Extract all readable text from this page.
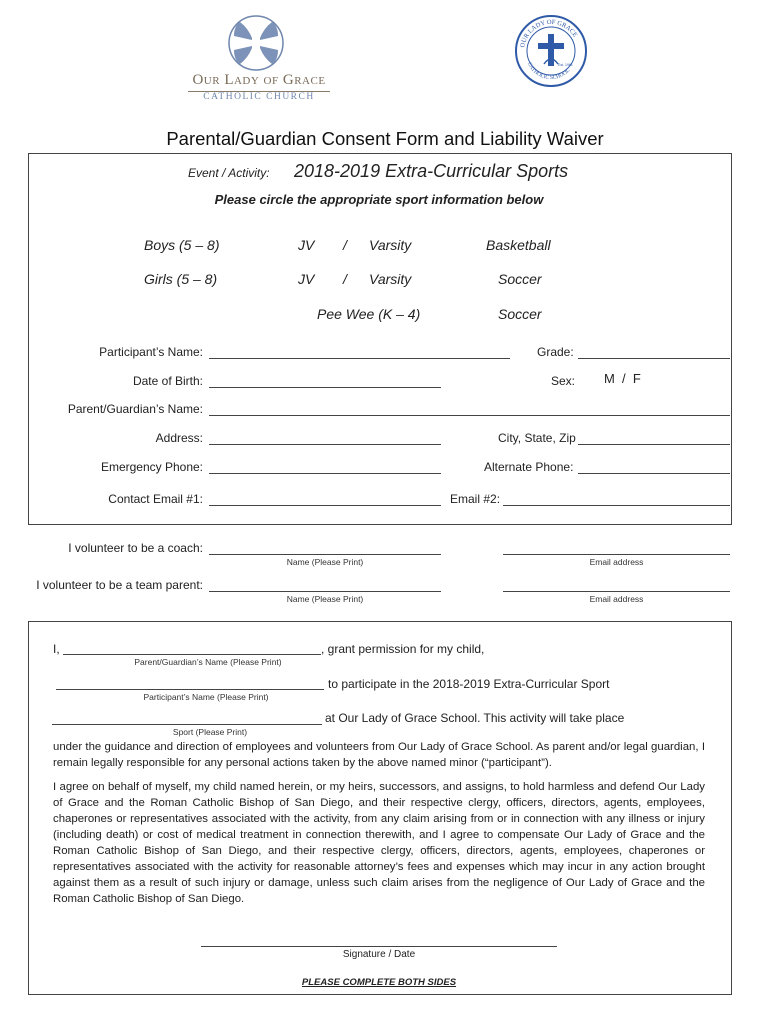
Our Lady of Grace
CATHOLIC CHURCH
OUR LADY OF GRACE
CATHOLIC SCHOOL
Est. 1961
Parental/Guardian Consent Form and Liability Waiver
Event / Activity: 2018-2019 Extra-Curricular Sports
Please circle the appropriate sport information below
Boys (5 – 8)	JV / Varsity	Basketball
Girls (5 – 8)	JV / Varsity	Soccer
Pee Wee (K – 4)	Soccer
Participant’s Name:	Grade:
Date of Birth:	Sex: M  /  F
Parent/Guardian’s Name:
Address:	City, State, Zip
Emergency Phone:	Alternate Phone:
Contact Email #1:	Email #2:
I volunteer to be a coach:
Name (Please Print)	Email address
I volunteer to be a team parent:
Name (Please Print)	Email address
I,	, grant permission for my child,
Parent/Guardian’s Name (Please Print)
to participate in the 2018-2019 Extra-Curricular Sport
Participant’s Name (Please Print)
at Our Lady of Grace School. This activity will take place
Sport (Please Print)
under the guidance and direction of employees and volunteers from Our Lady of Grace School. As parent and/or legal guardian, I remain legally responsible for any personal actions taken by the above named minor (“participant”).
I agree on behalf of myself, my child named herein, or my heirs, successors, and assigns, to hold harmless and defend Our Lady of Grace and the Roman Catholic Bishop of San Diego, and their respective clergy, officers, directors, agents, employees, chaperones or representatives associated with the activity, from any claim arising from or in connection with any illness or injury (including death) or cost of medical treatment in connection therewith, and I agree to compensate Our Lady of Grace and the Roman Catholic Bishop of San Diego, and their respective clergy, officers, directors, agents, employees, chaperones or representatives associated with the activity for reasonable attorney’s fees and expenses which may incur in any action brought against them as a result of such injury or damage, unless such claim arises from the negligence of Our Lady of Grace and the Roman Catholic Bishop of San Diego.
Signature / Date
PLEASE COMPLETE BOTH SIDES
